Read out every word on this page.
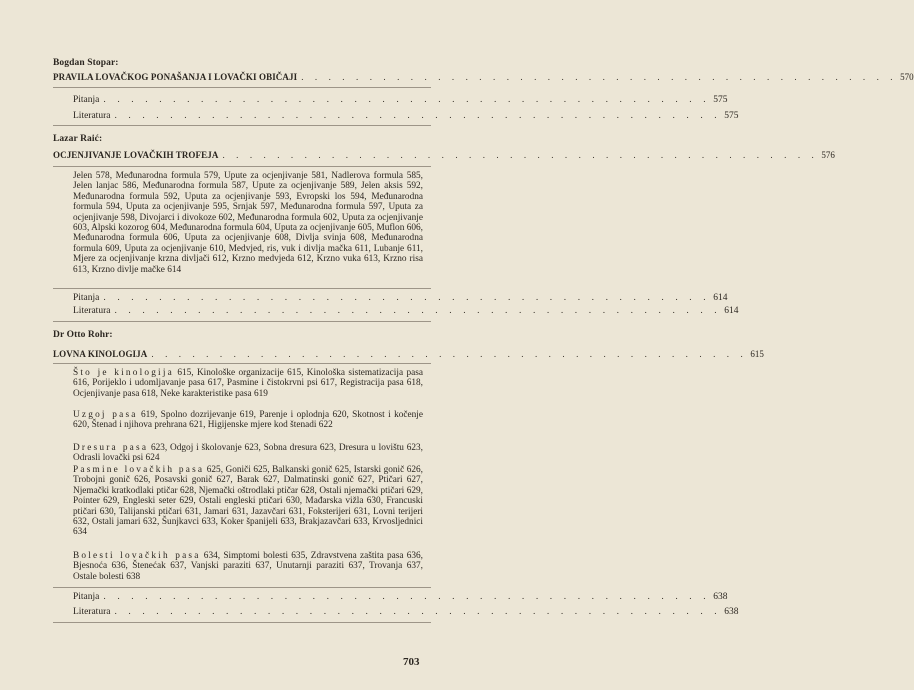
Bogdan Stopar:
PRAVILA LOVAČKOG PONAŠANJA I LOVAČKI OBIČAJI . . . . . . . . . . . . . . . . . . . . . . . . . . . . . . . . . . . . . . . . . . . . 570
Pitanja . . . . . . . . . . . . . . . . . . . . . . . . . . . . . . . . . . . . . . . . . . . . 575
Literatura . . . . . . . . . . . . . . . . . . . . . . . . . . . . . . . . . . . . . . . . . . . . 575
Lazar Raić:
OCJENJIVANJE LOVAČKIH TROFEJA . . . . . . . . . . . . . . . . . . . . . . . . . . . . . . . . . . . . . . . . . . . . 576
Jelen 578, Međunarodna formula 579, Upute za ocjenjivanje 581, Nadlerova formula 585, Jelen lanjac 586, Međunarodna formula 587, Upute za ocjenjivanje 589, Jelen aksis 592, Međunarodna formula 592, Uputa za ocjenjivanje 593, Evropski los 594, Međunarodna formula 594, Uputa za ocjenjivanje 595, Srnjak 597, Međunarodna formula 597, Uputa za ocjenjivanje 598, Divojarci i divokoze 602, Međunarodna formula 602, Uputa za ocjenjivanje 603, Alpski kozorog 604, Međunarodna formula 604, Uputa za ocjenjivanje 605, Muflon 606, Međunarodna formula 606, Uputa za ocjenjivanje 608, Divlja svinja 608, Međunarodna formula 609, Uputa za ocjenjivanje 610, Medvjed, ris, vuk i divlja mačka 611, Lubanje 611, Mjere za ocjenjivanje krzna divljači 612, Krzno medvjeda 612, Krzno vuka 613, Krzno risa 613, Krzno divlje mačke 614
Pitanja . . . . . . . . . . . . . . . . . . . . . . . . . . . . . . . . . . . . . . . . . . . . 614
Literatura . . . . . . . . . . . . . . . . . . . . . . . . . . . . . . . . . . . . . . . . . . . . 614
Dr Otto Rohr:
LOVNA KINOLOGIJA . . . . . . . . . . . . . . . . . . . . . . . . . . . . . . . . . . . . . . . . . . . . 615
Što je kinologija 615, Kinološke organizacije 615, Kinološka sistematizacija pasa 616, Porijeklo i udomljavanje pasa 617, Pasmine i čistokrvni psi 617, Registracija pasa 618, Ocjenjivanje pasa 618, Neke karakteristike pasa 619
Uzgoj pasa 619, Spolno dozrijevanje 619, Parenje i oplodnja 620, Skotnost i kočenje 620, Štenad i njihova prehrana 621, Higijenske mjere kod štenadi 622
Dresura pasa 623, Odgoj i školovanje 623, Sobna dresura 623, Dresura u lovištu 623, Odrasli lovački psi 624
Pasmine lovačkih pasa 625, Goniči 625, Balkanski gonič 625, Istarski gonič 626, Trobojni gonič 626, Posavski gonič 627, Barak 627, Dalmatinski gonič 627, Ptičari 627, Njemački kratkodlaki ptičar 628, Njemački oštrodlaki ptičar 628, Ostali njemački ptičari 629, Pointer 629, Engleski seter 629, Ostali engleski ptičari 630, Mađarska vižla 630, Francuski ptičari 630, Talijanski ptičari 631, Jamari 631, Jazavčari 631, Foksterijeri 631, Lovni terijeri 632, Ostali jamari 632, Šunjkavci 633, Koker španijeli 633, Brakjazavčari 633, Krvosljednici 634
Bolesti lovačkih pasa 634, Simptomi bolesti 635, Zdravstvena zaštita pasa 636, Bjesnoća 636, Štenećak 637, Vanjski paraziti 637, Unutarnji paraziti 637, Trovanja 637, Ostale bolesti 638
Pitanja . . . . . . . . . . . . . . . . . . . . . . . . . . . . . . . . . . . . . . . . . . . . 638
Literatura . . . . . . . . . . . . . . . . . . . . . . . . . . . . . . . . . . . . . . . . . . . . 638
703
